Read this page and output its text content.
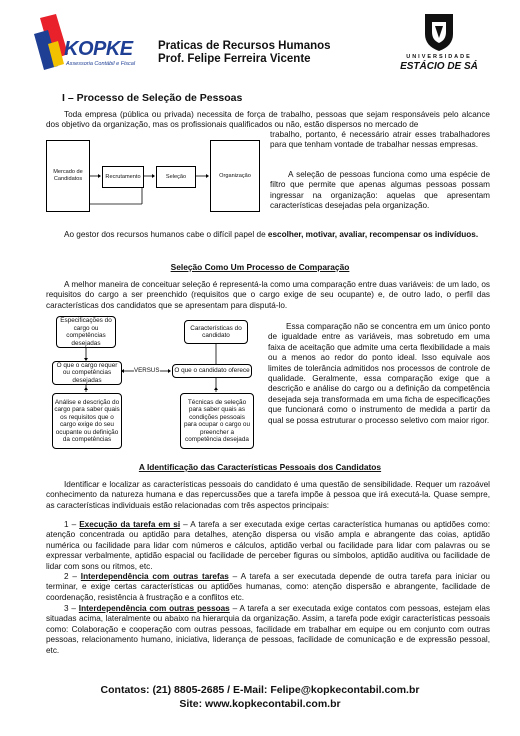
KOPKE
Assessoria Contábil e Fiscal
Praticas de Recursos Humanos
Prof. Felipe Ferreira Vicente	UNIVERSIDADE
ESTÁCIO DE SÁ
I – Processo de Seleção de Pessoas

Toda empresa (pública ou privada) necessita de força de trabalho, pessoas que sejam responsáveis pelo alcance dos objetivo da organização, mas os profissionais qualificados ou não, estão dispersos no mercado de

trabalho, portanto, é necessário atrair esses trabalhadores para que tenham vontade de trabalhar nessas empresas.

Mercado de Candidatos	Recrutamento	Seleção	Organização	A seleção de pessoas funciona como uma espécie de filtro que permite que apenas algumas pessoas possam ingressar na organização: aquelas que apresentam características desejadas pela organização.

Ao gestor dos recursos humanos cabe o difícil papel de escolher, motivar, avaliar, recompensar os indivíduos.

Seleção Como Um Processo de Comparação

A melhor maneira de conceituar seleção é representá-la como uma comparação entre duas variáveis: de um lado, os requisitos do cargo a ser preenchido (requisitos que o cargo exige de seu ocupante) e, de outro lado, o perfil das características dos candidatos que se apresentam para disputá-lo.

Especificações do cargo ou competências desejadas
Características do candidato
O que o cargo requer ou competências desejadas
VERSUS O que o candidato oferece
Análise e descrição do cargo para saber quais os requisitos que o cargo exige do seu ocupante ou definição da competências
Técnicas de seleção para saber quais as condições pessoais para ocupar o cargo ou preencher a competência desejada

Essa comparação não se concentra em um único ponto de igualdade entre as variáveis, mas sobretudo em uma faixa de aceitação que admite uma certa flexibilidade a mais ou a menos ao redor do ponto ideal. Isso equivale aos limites de tolerância admitidos nos processos de controle de qualidade. Geralmente, essa comparação exige que a descrição e análise do cargo ou a definição da competência desejada seja transformada em uma ficha de especificações que funcionará como o instrumento de medida a partir da qual se possa estruturar o processo seletivo com maior rigor.

A Identificação das Características Pessoais dos Candidatos

Identificar e localizar as características pessoais do candidato é uma questão de sensibilidade. Requer um razoável conhecimento da natureza humana e das repercussões que a tarefa impõe à pessoa que irá executá-la. Quase sempre, as características individuais estão relacionadas com três aspectos principais:

1 – Execução da tarefa em si – A tarefa a ser executada exige certas característica humanas ou aptidões como: atenção concentrada ou aptidão para detalhes, atenção dispersa ou visão ampla e abrangente das coias, aptidão numérica ou facilidade para lidar com números e cálculos, aptidão verbal ou facilidade para lidar com palavras ou se expressar verbalmente, aptidão espacial ou facilidade de perceber figuras ou símbolos, aptidão auditiva ou facilidade de lidar com sons ou ritmos, etc.

2 – Interdependência com outras tarefas – A tarefa a ser executada depende de outra tarefa para iniciar ou terminar, e exige certas características ou aptidões humanas, como: atenção dispersão e abrangente, facilidade de coordenação, resistência à frustração e a conflitos etc.

3 – Interdependência com outras pessoas – A tarefa a ser executada exige contatos com pessoas, estejam elas situadas acima, lateralmente ou abaixo na hierarquia da organização. Assim, a tarefa pode exigir características pessoais como: Colaboração e cooperação com outras pessoas, facilidade em trabalhar em equipe ou em conjunto com outras pessoas, relacionamento humano, iniciativa, liderança de pessoas, facilidade de comunicação e de expressão pessoal, etc.

Contatos: (21) 8805-2685 / E-Mail: Felipe@kopkecontabil.com.br
Site: www.kopkecontabil.com.br
